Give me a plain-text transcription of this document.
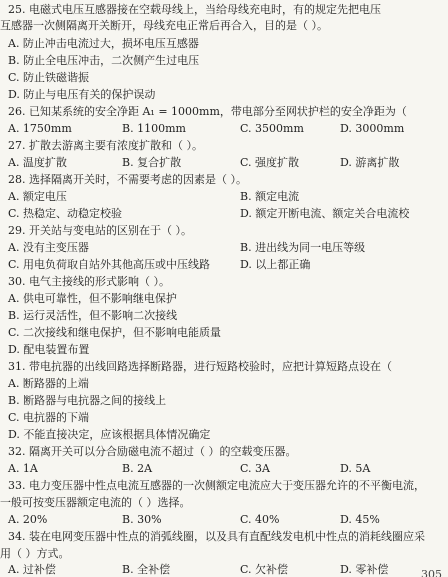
25. 电磁式电压互感器接在空载母线上，当给母线充电时，有的规定先把电压
互感器一次侧隔离开关断开，母线充电正常后再合入，目的是（ ）。
A. 防止冲击电流过大，损坏电压互感器
B. 防止全电压冲击，二次侧产生过电压
C. 防止铁磁谐振
D. 防止与电压有关的保护误动
26. 已知某系统的安全净距 A₁ = 1000mm，带电部分至网状护栏的安全净距为（
A. 1750mm	B. 1100mm	C. 3500mm	D. 3000mm
27. 扩散去游离主要有浓度扩散和（ ）。
A. 温度扩散	B. 复合扩散	C. 强度扩散	D. 游离扩散
28. 选择隔离开关时，不需要考虑的因素是（ ）。
A. 额定电压	B. 额定电流
C. 热稳定、动稳定校验	D. 额定开断电流、额定关合电流校
29. 开关站与变电站的区别在于（ ）。
A. 没有主变压器	B. 进出线为同一电压等级
C. 用电负荷取自站外其他高压或中压线路	D. 以上都正确
30. 电气主接线的形式影响（ ）。
A. 供电可靠性，但不影响继电保护
B. 运行灵活性，但不影响二次接线
C. 二次接线和继电保护，但不影响电能质量
D. 配电装置布置
31. 带电抗器的出线回路选择断路器，进行短路校验时，应把计算短路点设在（
A. 断路器的上端
B. 断路器与电抗器之间的接线上
C. 电抗器的下端
D. 不能直接决定，应该根据具体情况确定
32. 隔离开关可以分合励磁电流不超过（ ）的空载变压器。
A. 1A	B. 2A	C. 3A	D. 5A
33. 电力变压器中性点电流互感器的一次侧额定电流应大于变压器允许的不平衡电流，
一般可按变压器额定电流的（ ）选择。
A. 20%	B. 30%	C. 40%	D. 45%
34. 装在电网变压器中性点的消弧线圈，以及具有直配线发电机中性点的消耗线圈应采
用（ ）方式。
A. 过补偿	B. 全补偿	C. 欠补偿	D. 零补偿	305
